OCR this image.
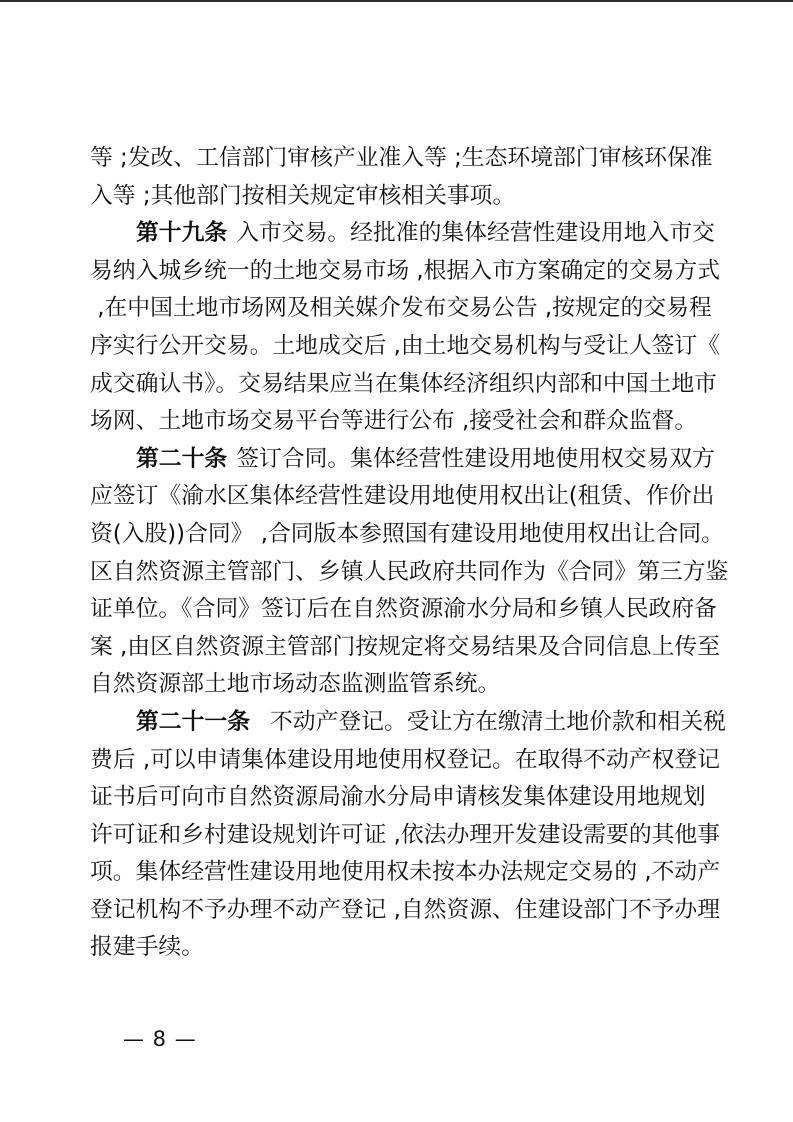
等 ;发改、工信部门审核产业准入等 ;生态环境部门审核环保准
入等 ;其他部门按相关规定审核相关事项。
第十九条 入市交易。经批准的集体经营性建设用地入市交
易纳入城乡统一的土地交易市场 ,根据入市方案确定的交易方式
,在中国土地市场网及相关媒介发布交易公告 ,按规定的交易程
序实行公开交易。土地成交后 ,由土地交易机构与受让人签订《
成交确认书》。交易结果应当在集体经济组织内部和中国土地市
场网、土地市场交易平台等进行公布 ,接受社会和群众监督。
第二十条 签订合同。集体经营性建设用地使用权交易双方
应签订《渝水区集体经营性建设用地使用权出让(租赁、作价出
资(入股))合同》 ,合同版本参照国有建设用地使用权出让合同。
区自然资源主管部门、乡镇人民政府共同作为《合同》第三方鉴
证单位。《合同》签订后在自然资源渝水分局和乡镇人民政府备
案 ,由区自然资源主管部门按规定将交易结果及合同信息上传至
自然资源部土地市场动态监测监管系统。
第二十一条 不动产登记。受让方在缴清土地价款和相关税
费后 ,可以申请集体建设用地使用权登记。在取得不动产权登记
证书后可向市自然资源局渝水分局申请核发集体建设用地规划
许可证和乡村建设规划许可证 ,依法办理开发建设需要的其他事
项。集体经营性建设用地使用权未按本办法规定交易的 ,不动产
登记机构不予办理不动产登记 ,自然资源、住建设部门不予办理
报建手续。
— 8 —
